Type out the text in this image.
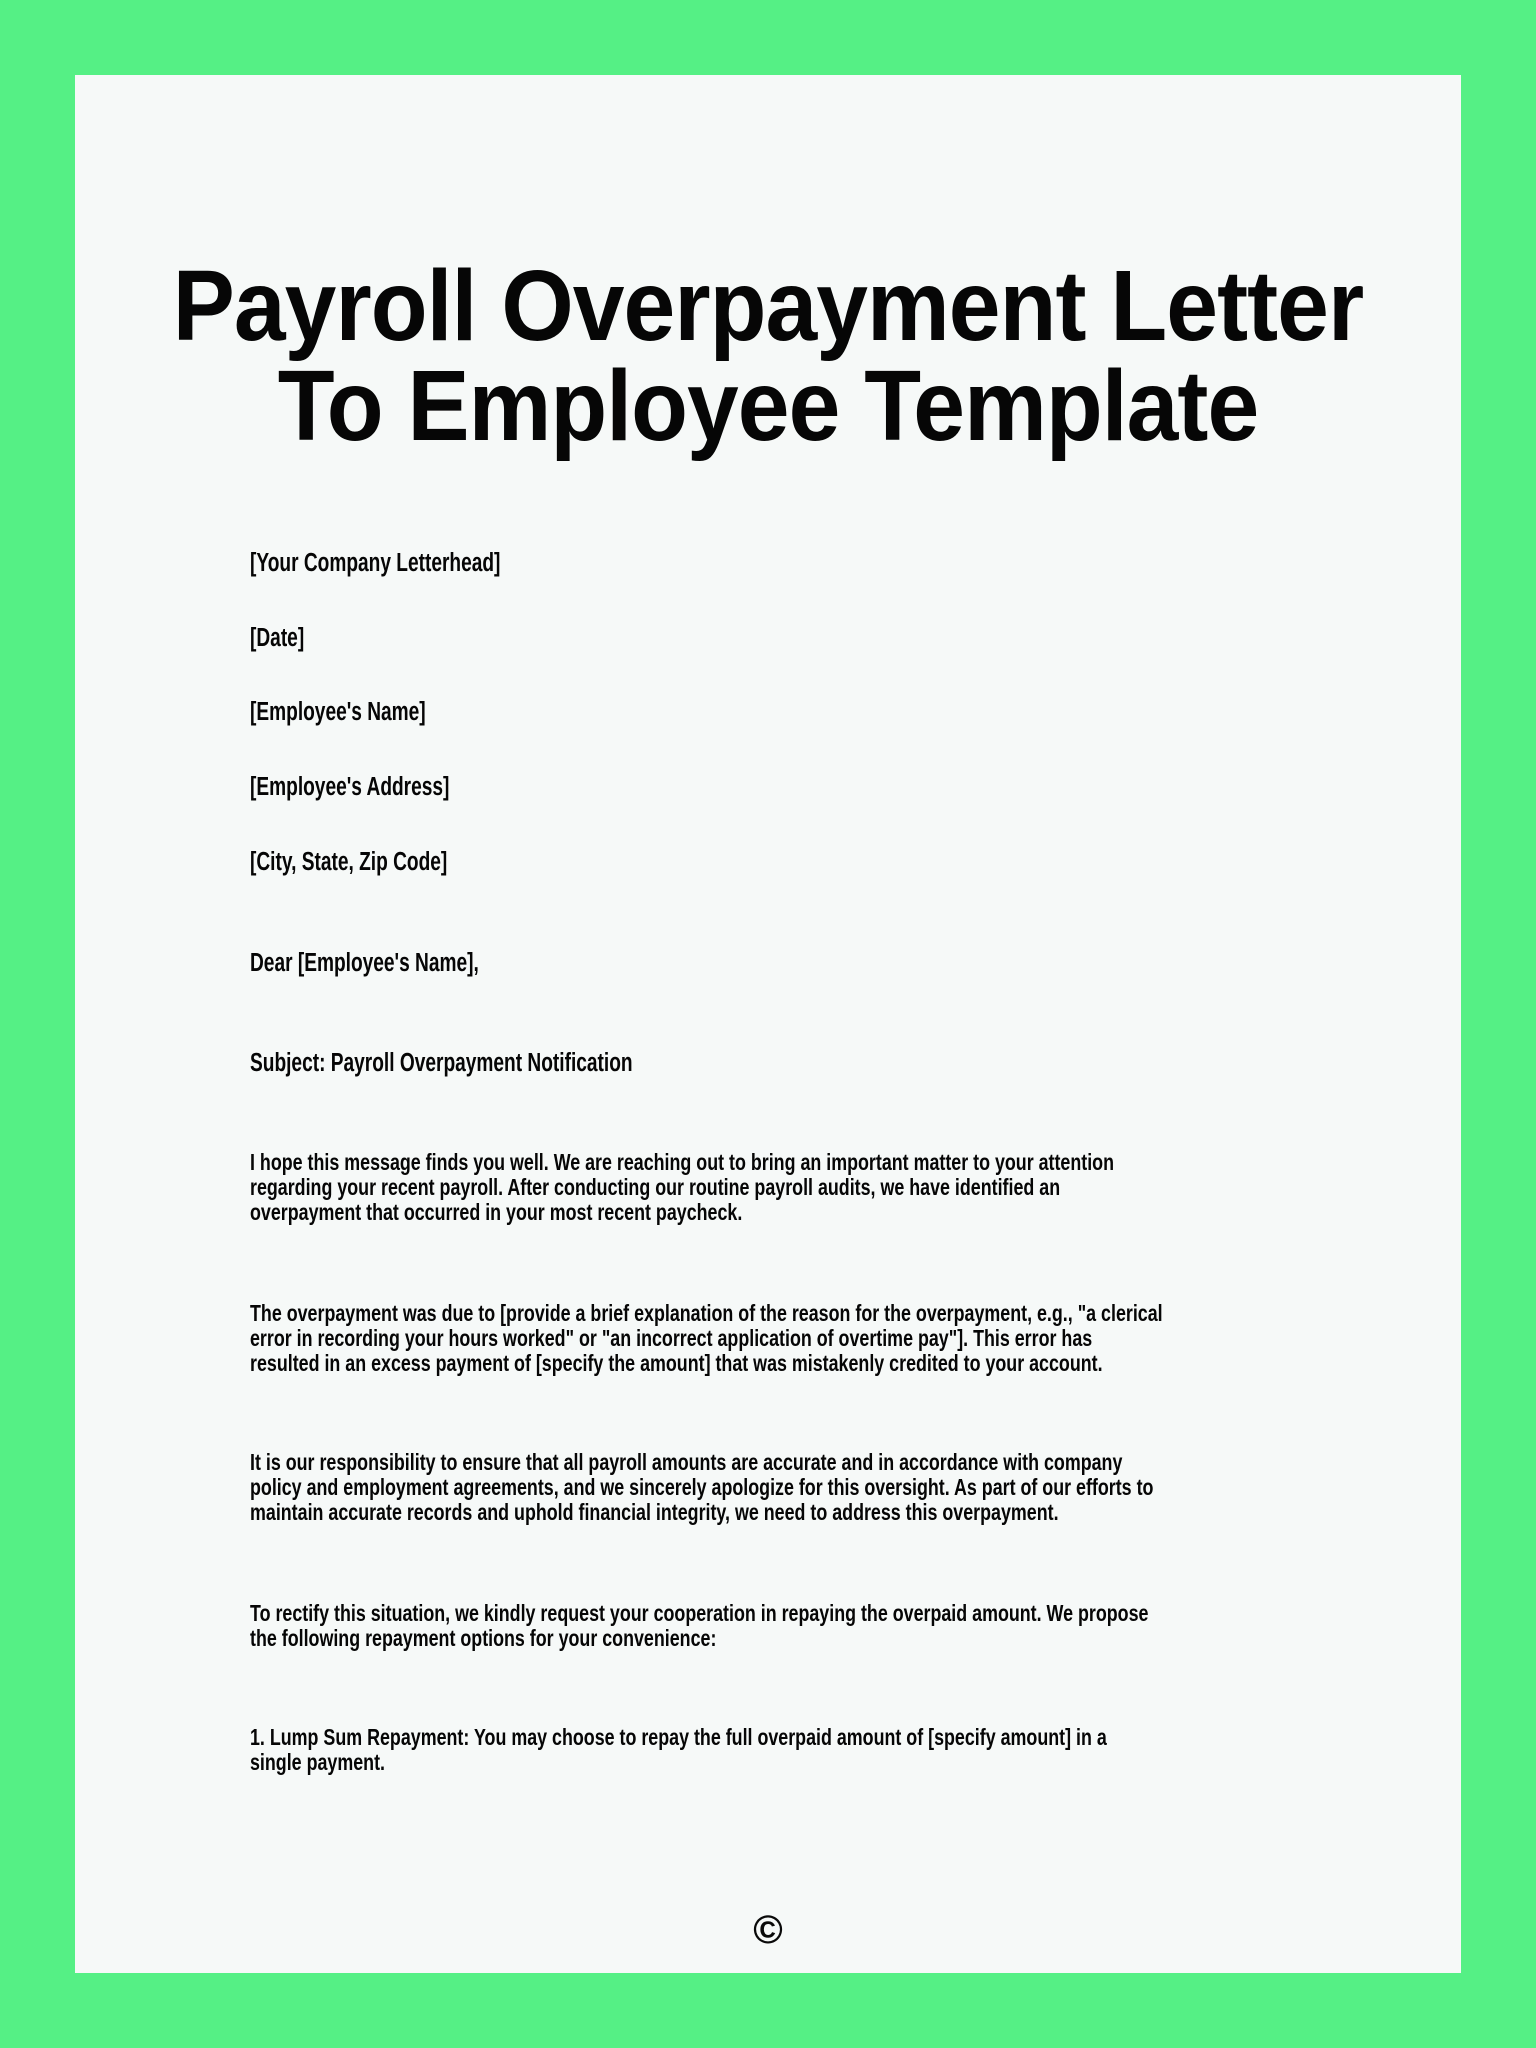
Payroll Overpayment Letter
To Employee Template
[Your Company Letterhead]
[Date]
[Employee's Name]
[Employee's Address]
[City, State, Zip Code]
Dear [Employee's Name],
Subject: Payroll Overpayment Notification
I hope this message finds you well. We are reaching out to bring an important matter to your attention
regarding your recent payroll. After conducting our routine payroll audits, we have identified an
overpayment that occurred in your most recent paycheck.
The overpayment was due to [provide a brief explanation of the reason for the overpayment, e.g., "a clerical
error in recording your hours worked" or "an incorrect application of overtime pay"]. This error has
resulted in an excess payment of [specify the amount] that was mistakenly credited to your account.
It is our responsibility to ensure that all payroll amounts are accurate and in accordance with company
policy and employment agreements, and we sincerely apologize for this oversight. As part of our efforts to
maintain accurate records and uphold financial integrity, we need to address this overpayment.
To rectify this situation, we kindly request your cooperation in repaying the overpaid amount. We propose
the following repayment options for your convenience:
1. Lump Sum Repayment: You may choose to repay the full overpaid amount of [specify amount] in a
single payment.
©
